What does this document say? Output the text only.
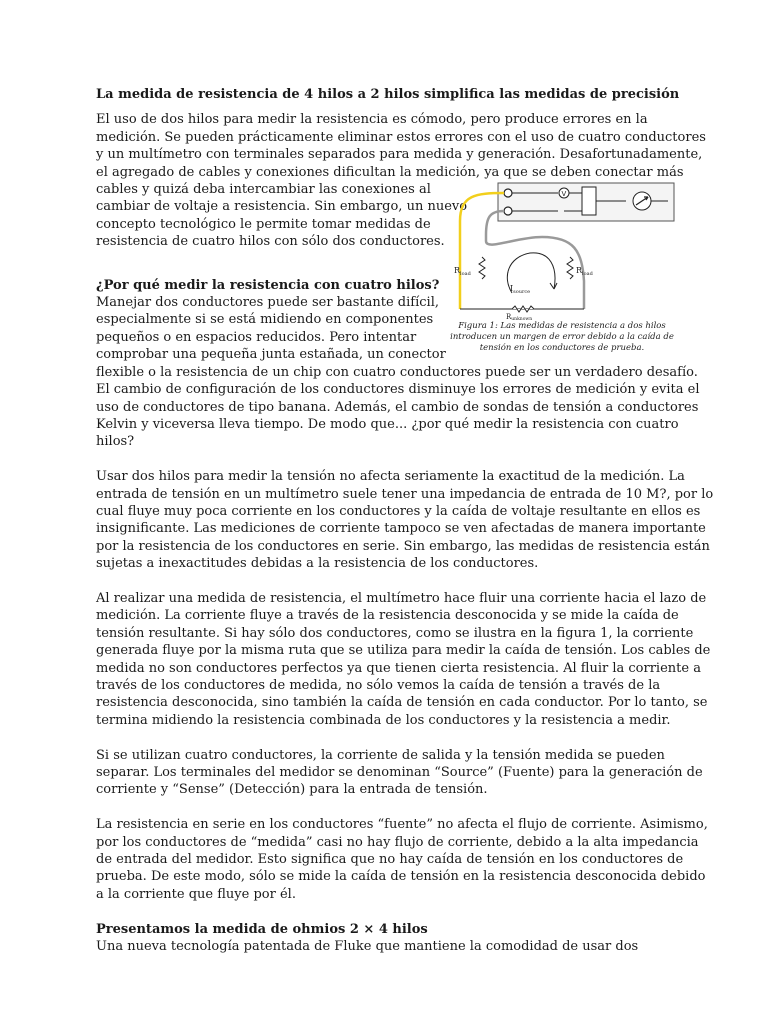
La medida de resistencia de 4 hilos a 2 hilos simplifica las medidas de precisión
El uso de dos hilos para medir la resistencia es cómodo, pero produce errores en la
medición. Se pueden prácticamente eliminar estos errores con el uso de cuatro conductores
y un multímetro con terminales separados para medida y generación. Desafortunadamente,
el agregado de cables y conexiones dificultan la medición, ya que se deben conectar más
cables y quizá deba intercambiar las conexiones al
cambiar de voltaje a resistencia. Sin embargo, un nuevo
concepto tecnológico le permite tomar medidas de
resistencia de cuatro hilos con sólo dos conductores.
¿Por qué medir la resistencia con cuatro hilos?
Manejar dos conductores puede ser bastante difícil,
especialmente si se está midiendo en componentes
pequeños o en espacios reducidos. Pero intentar
comprobar una pequeña junta estañada, un conector
flexible o la resistencia de un chip con cuatro conductores puede ser un verdadero desafío.
El cambio de configuración de los conductores disminuye los errores de medición y evita el
uso de conductores de tipo banana. Además, el cambio de sondas de tensión a conductores
Kelvin y viceversa lleva tiempo. De modo que... ¿por qué medir la resistencia con cuatro
hilos?
Usar dos hilos para medir la tensión no afecta seriamente la exactitud de la medición. La
entrada de tensión en un multímetro suele tener una impedancia de entrada de 10 M?, por lo
cual fluye muy poca corriente en los conductores y la caída de voltaje resultante en ellos es
insignificante. Las mediciones de corriente tampoco se ven afectadas de manera importante
por la resistencia de los conductores en serie. Sin embargo, las medidas de resistencia están
sujetas a inexactitudes debidas a la resistencia de los conductores.
Al realizar una medida de resistencia, el multímetro hace fluir una corriente hacia el lazo de
medición. La corriente fluye a través de la resistencia desconocida y se mide la caída de
tensión resultante. Si hay sólo dos conductores, como se ilustra en la figura 1, la corriente
generada fluye por la misma ruta que se utiliza para medir la caída de tensión. Los cables de
medida no son conductores perfectos ya que tienen cierta resistencia. Al fluir la corriente a
través de los conductores de medida, no sólo vemos la caída de tensión a través de la
resistencia desconocida, sino también la caída de tensión en cada conductor. Por lo tanto, se
termina midiendo la resistencia combinada de los conductores y la resistencia a medir.
Si se utilizan cuatro conductores, la corriente de salida y la tensión medida se pueden
separar. Los terminales del medidor se denominan “Source” (Fuente) para la generación de
corriente y “Sense” (Detección) para la entrada de tensión.
La resistencia en serie en los conductores “fuente” no afecta el flujo de corriente. Asimismo,
por los conductores de “medida” casi no hay flujo de corriente, debido a la alta impedancia
de entrada del medidor. Esto significa que no hay caída de tensión en los conductores de
prueba. De este modo, sólo se mide la caída de tensión en la resistencia desconocida debido
a la corriente que fluye por él.
Presentamos la medida de ohmios 2 × 4 hilos
Una nueva tecnología patentada de Fluke que mantiene la comodidad de usar dos
V
$R_{load}$	$R_{load}$
$I_{source}$
Runknown
Figura 1: Las medidas de resistencia a dos hilos
introducen un margen de error debido a la caída de
tensión en los conductores de prueba.
